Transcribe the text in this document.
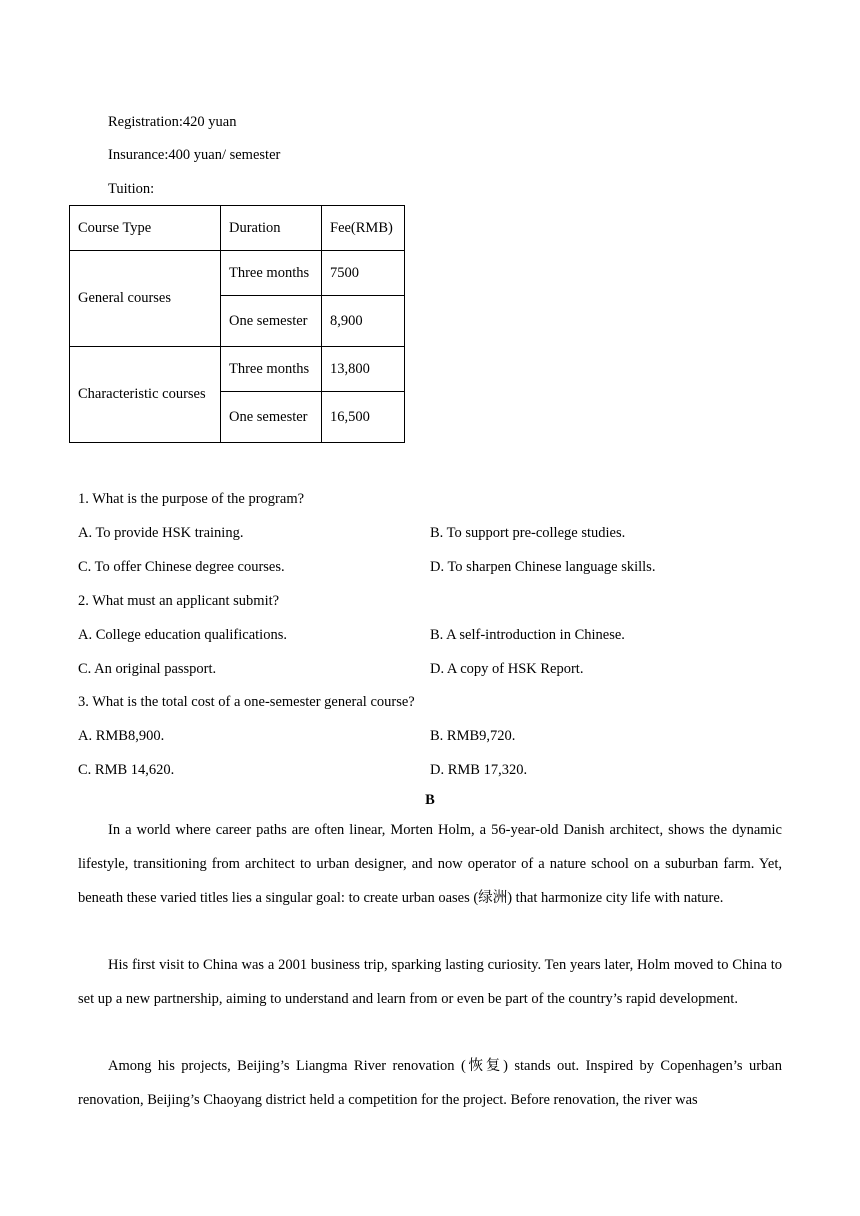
Registration:420 yuan
Insurance:400 yuan/ semester
Tuition:
Course Type	Duration	Fee(RMB)
General courses	Three months	7500
	One semester	8,900
Characteristic courses	Three months	13,800
	One semester	16,500
1. What is the purpose of the program?
A. To provide HSK training.	B. To support pre-college studies.
C. To offer Chinese degree courses.	D. To sharpen Chinese language skills.
2. What must an applicant submit?
A. College education qualifications.	B. A self-introduction in Chinese.
C. An original passport.	D. A copy of HSK Report.
3. What is the total cost of a one-semester general course?
A. RMB8,900.	B. RMB9,720.
C. RMB 14,620.	D. RMB 17,320.
B

In a world where career paths are often linear, Morten Holm, a 56-year-old Danish architect, shows the dynamic lifestyle, transitioning from architect to urban designer, and now operator of a nature school on a suburban farm. Yet, beneath these varied titles lies a singular goal: to create urban oases (绿洲) that harmonize city life with nature.

His first visit to China was a 2001 business trip, sparking lasting curiosity. Ten years later, Holm moved to China to set up a new partnership, aiming to understand and learn from or even be part of the country’s rapid development.

Among his projects, Beijing’s Liangma River renovation (恢复) stands out. Inspired by Copenhagen’s urban renovation, Beijing’s Chaoyang district held a competition for the project. Before renovation, the river was
